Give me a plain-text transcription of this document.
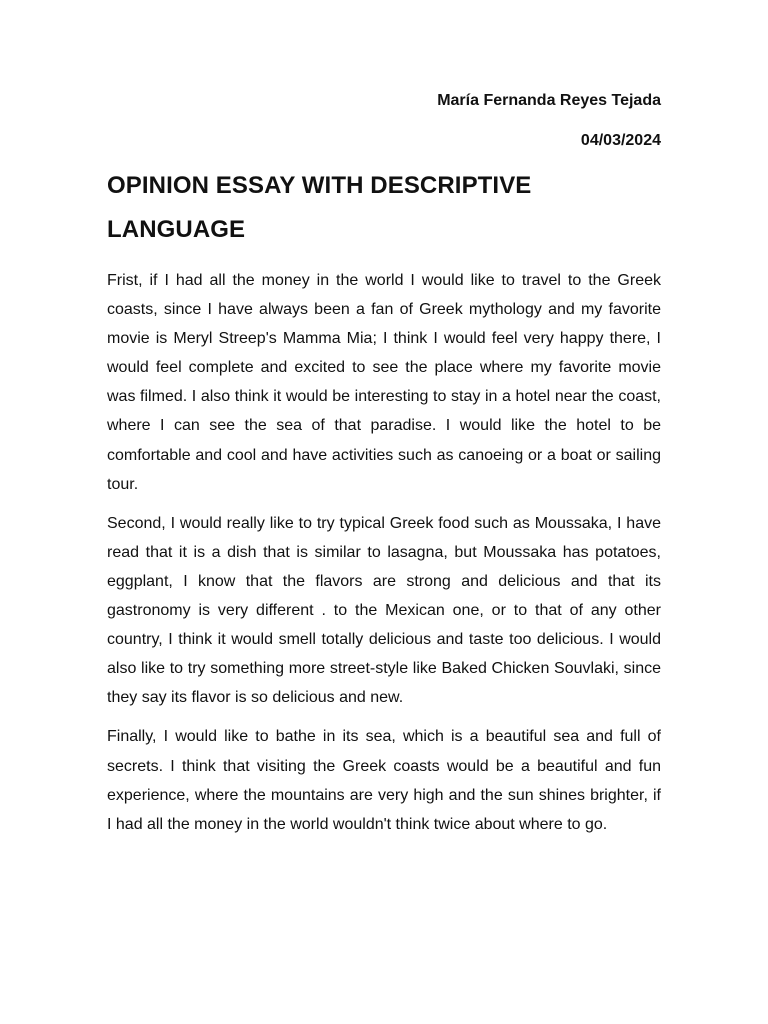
María Fernanda Reyes Tejada
04/03/2024
OPINION ESSAY WITH DESCRIPTIVE LANGUAGE

Frist, if I had all the money in the world I would like to travel to the Greek coasts, since I have always been a fan of Greek mythology and my favorite movie is Meryl Streep's Mamma Mia; I think I would feel very happy there, I would feel complete and excited to see the place where my favorite movie was filmed. I also think it would be interesting to stay in a hotel near the coast, where I can see the sea of that paradise. I would like the hotel to be comfortable and cool and have activities such as canoeing or a boat or sailing tour.

Second, I would really like to try typical Greek food such as Moussaka, I have read that it is a dish that is similar to lasagna, but Moussaka has potatoes, eggplant, I know that the flavors are strong and delicious and that its gastronomy is very different . to the Mexican one, or to that of any other country, I think it would smell totally delicious and taste too delicious. I would also like to try something more street-style like Baked Chicken Souvlaki, since they say its flavor is so delicious and new.

Finally, I would like to bathe in its sea, which is a beautiful sea and full of secrets. I think that visiting the Greek coasts would be a beautiful and fun experience, where the mountains are very high and the sun shines brighter, if I had all the money in the world wouldn't think twice about where to go.
